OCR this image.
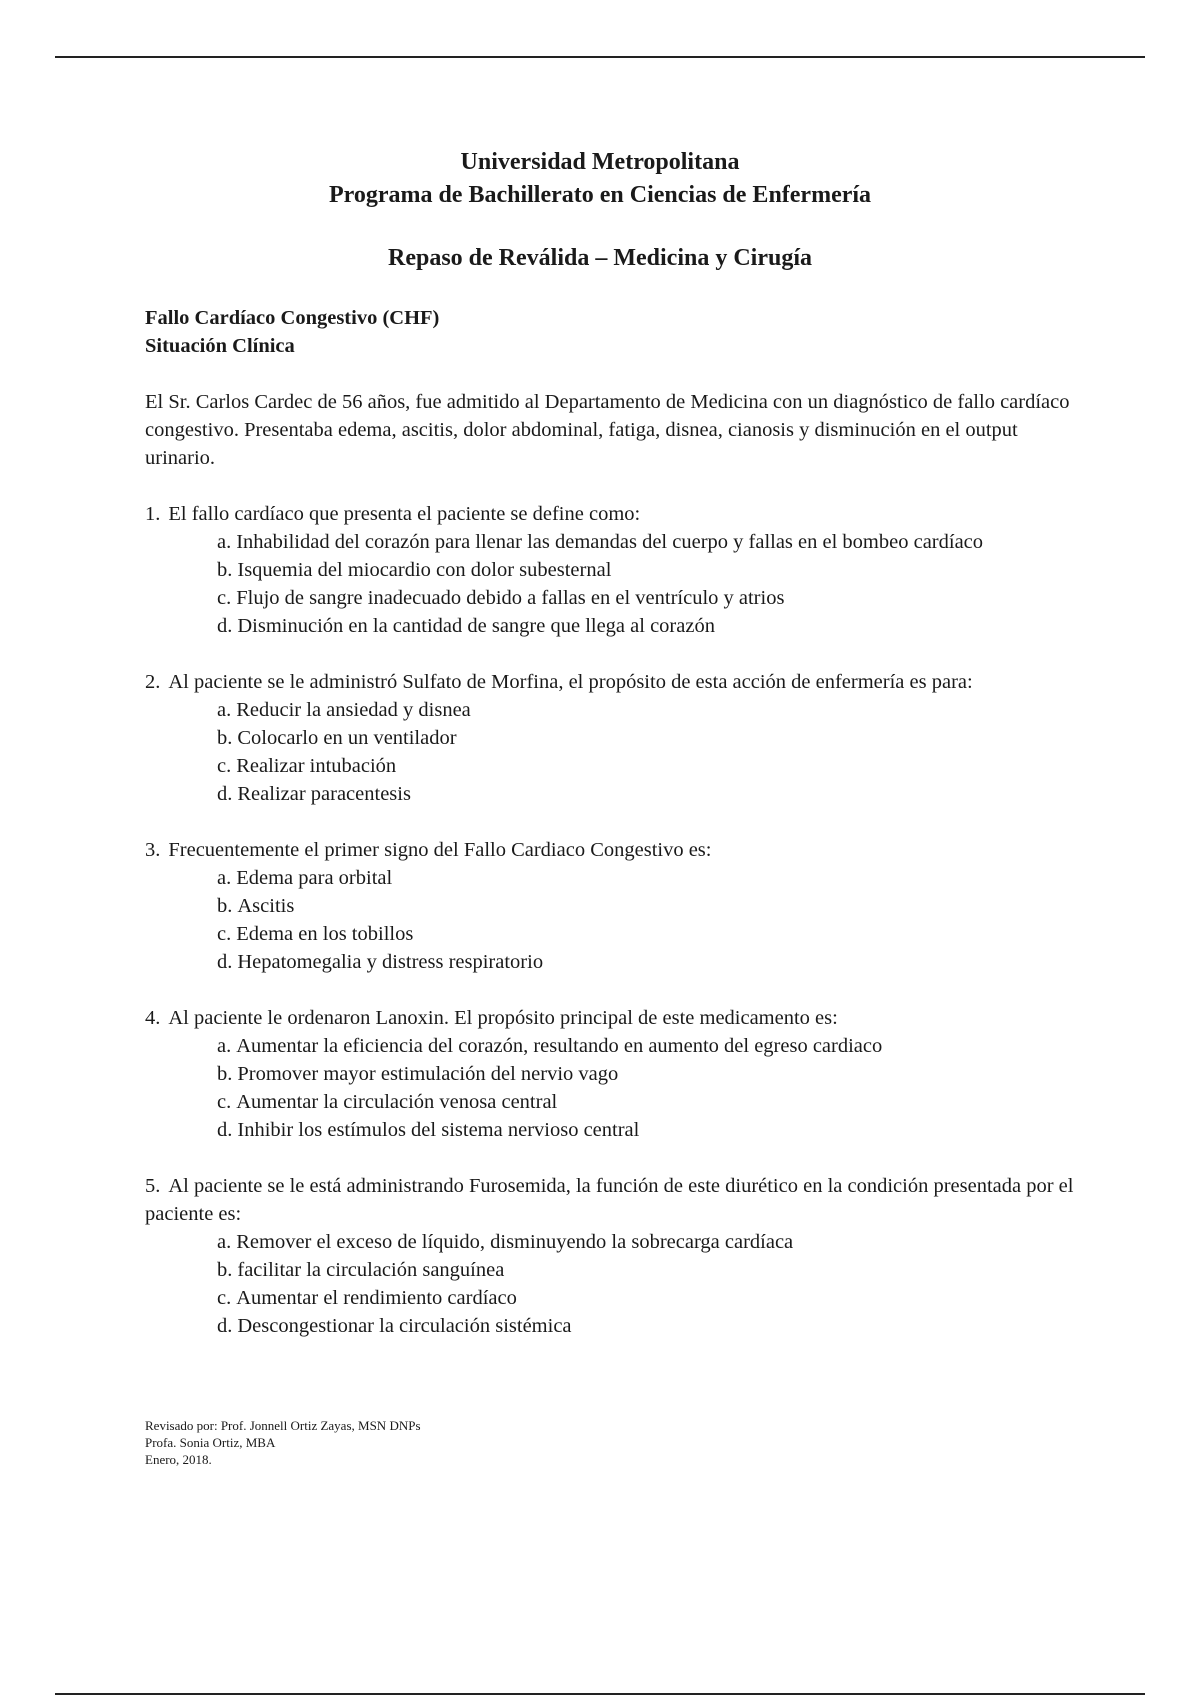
Universidad Metropolitana
Programa de Bachillerato en Ciencias de Enfermería
Repaso de Reválida – Medicina y Cirugía

Fallo Cardíaco Congestivo (CHF)

Situación Clínica

El Sr. Carlos Cardec de 56 años, fue admitido al Departamento de Medicina con un diagnóstico de fallo cardíaco congestivo. Presentaba edema, ascitis, dolor abdominal, fatiga, disnea, cianosis y disminución en el output urinario.

1. El fallo cardíaco que presenta el paciente se define como:

a. Inhabilidad del corazón para llenar las demandas del cuerpo y fallas en el bombeo cardíaco
b. Isquemia del miocardio con dolor subesternal
c. Flujo de sangre inadecuado debido a fallas en el ventrículo y atrios
d. Disminución en la cantidad de sangre que llega al corazón

2. Al paciente se le administró Sulfato de Morfina, el propósito de esta acción de enfermería es para:

a. Reducir la ansiedad y disnea
b. Colocarlo en un ventilador
c. Realizar intubación
d. Realizar paracentesis

3. Frecuentemente el primer signo del Fallo Cardiaco Congestivo es:

a. Edema para orbital
b. Ascitis
c. Edema en los tobillos
d. Hepatomegalia y distress respiratorio

4. Al paciente le ordenaron Lanoxin. El propósito principal de este medicamento es:

a. Aumentar la eficiencia del corazón, resultando en aumento del egreso cardiaco
b. Promover mayor estimulación del nervio vago
c. Aumentar la circulación venosa central
d. Inhibir los estímulos del sistema nervioso central

5. Al paciente se le está administrando Furosemida, la función de este diurético en la condición presentada por el paciente es:

a. Remover el exceso de líquido, disminuyendo la sobrecarga cardíaca
b. facilitar la circulación sanguínea
c. Aumentar el rendimiento cardíaco
d. Descongestionar la circulación sistémica
Revisado por: Prof. Jonnell Ortiz Zayas, MSN DNPs
Profa. Sonia Ortiz, MBA
Enero, 2018.
